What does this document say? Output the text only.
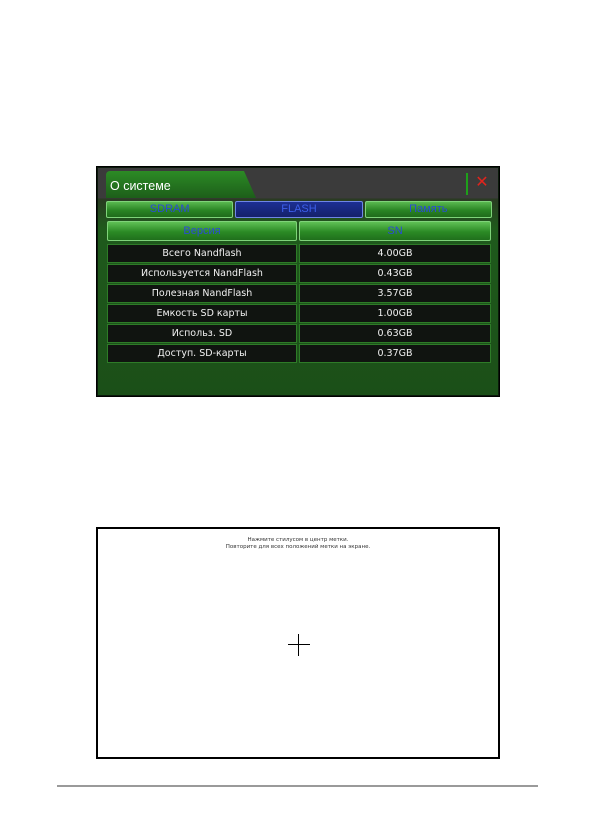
О системе	✕
SDRAM	FLASH	Память
Версия	SN
Всего Nandflash	4.00GB
Используется NandFlash	0.43GB
Полезная NandFlash	3.57GB
Емкость SD карты	1.00GB
Использ. SD	0.63GB
Доступ. SD-карты	0.37GB
Нажмите стилусом в центр метки.
Повторите для всех положений метки на экране.
